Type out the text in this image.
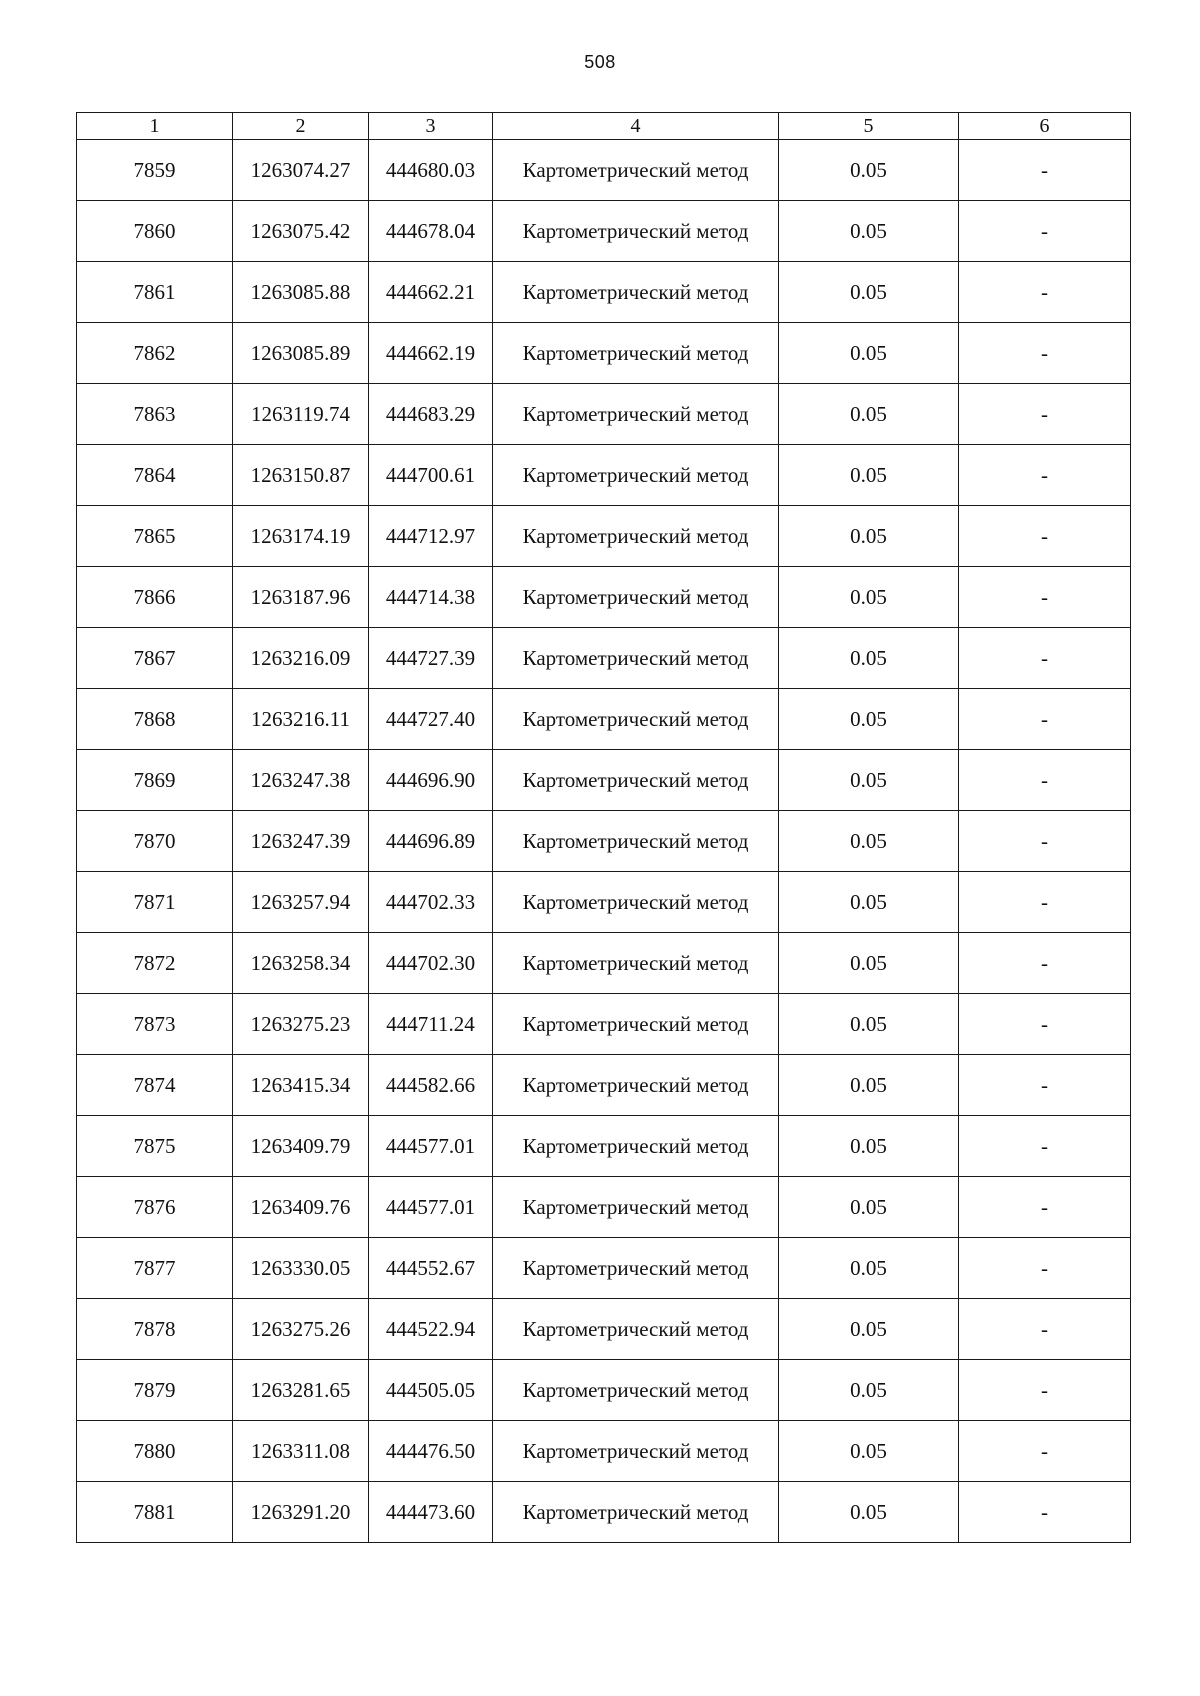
508
1	2	3	4	5	6
7859	1263074.27	444680.03	Картометрический метод	0.05	-
7860	1263075.42	444678.04	Картометрический метод	0.05	-
7861	1263085.88	444662.21	Картометрический метод	0.05	-
7862	1263085.89	444662.19	Картометрический метод	0.05	-
7863	1263119.74	444683.29	Картометрический метод	0.05	-
7864	1263150.87	444700.61	Картометрический метод	0.05	-
7865	1263174.19	444712.97	Картометрический метод	0.05	-
7866	1263187.96	444714.38	Картометрический метод	0.05	-
7867	1263216.09	444727.39	Картометрический метод	0.05	-
7868	1263216.11	444727.40	Картометрический метод	0.05	-
7869	1263247.38	444696.90	Картометрический метод	0.05	-
7870	1263247.39	444696.89	Картометрический метод	0.05	-
7871	1263257.94	444702.33	Картометрический метод	0.05	-
7872	1263258.34	444702.30	Картометрический метод	0.05	-
7873	1263275.23	444711.24	Картометрический метод	0.05	-
7874	1263415.34	444582.66	Картометрический метод	0.05	-
7875	1263409.79	444577.01	Картометрический метод	0.05	-
7876	1263409.76	444577.01	Картометрический метод	0.05	-
7877	1263330.05	444552.67	Картометрический метод	0.05	-
7878	1263275.26	444522.94	Картометрический метод	0.05	-
7879	1263281.65	444505.05	Картометрический метод	0.05	-
7880	1263311.08	444476.50	Картометрический метод	0.05	-
7881	1263291.20	444473.60	Картометрический метод	0.05	-
